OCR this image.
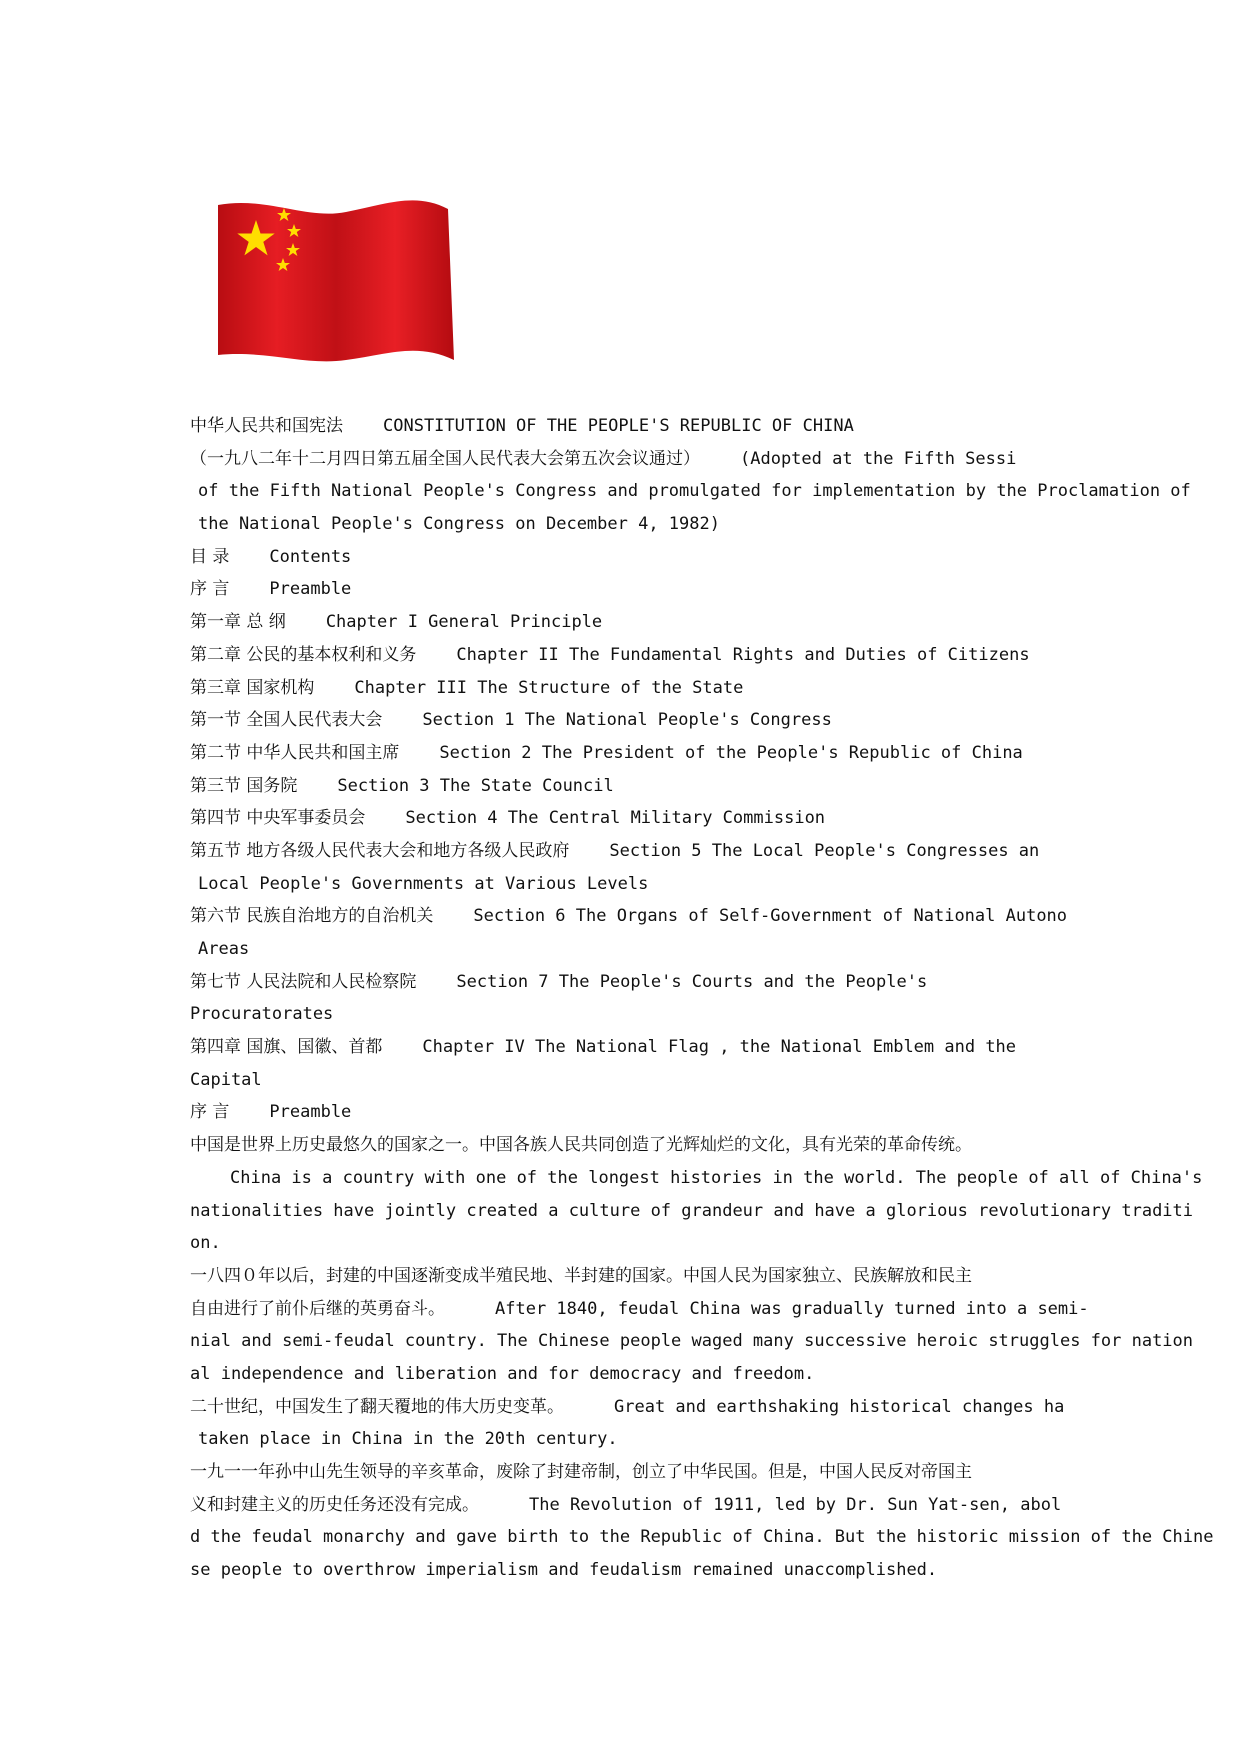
中华人民共和国宪法 CONSTITUTION OF THE PEOPLE'S REPUBLIC OF CHINA
（一九八二年十二月四日第五届全国人民代表大会第五次会议通过） (Adopted at the Fifth Sessi
of the Fifth National People's Congress and promulgated for implementation by the Proclamation of
the National People's Congress on December 4, 1982)
目 录 Contents
序 言 Preamble
第一章 总 纲 Chapter I General Principle
第二章 公民的基本权利和义务 Chapter II The Fundamental Rights and Duties of Citizens
第三章 国家机构 Chapter III The Structure of the State
第一节 全国人民代表大会 Section 1 The National People's Congress
第二节 中华人民共和国主席 Section 2 The President of the People's Republic of China
第三节 国务院 Section 3 The State Council
第四节 中央军事委员会 Section 4 The Central Military Commission
第五节 地方各级人民代表大会和地方各级人民政府 Section 5 The Local People's Congresses an
Local People's Governments at Various Levels
第六节 民族自治地方的自治机关 Section 6 The Organs of Self-Government of National Autono
Areas
第七节 人民法院和人民检察院 Section 7 The People's Courts and the People's
Procuratorates
第四章 国旗、国徽、首都 Chapter IV The National Flag , the National Emblem and the
Capital
序 言 Preamble
中国是世界上历史最悠久的国家之一。中国各族人民共同创造了光辉灿烂的文化，具有光荣的革命传统。
China is a country with one of the longest histories in the world. The people of all of China's
nationalities have jointly created a culture of grandeur and have a glorious revolutionary traditi
on.
一八四０年以后，封建的中国逐渐变成半殖民地、半封建的国家。中国人民为国家独立、民族解放和民主
自由进行了前仆后继的英勇奋斗。	After 1840, feudal China was gradually turned into a semi-
nial and semi-feudal country. The Chinese people waged many successive heroic struggles for nation
al independence and liberation and for democracy and freedom.
二十世纪，中国发生了翻天覆地的伟大历史变革。	Great and earthshaking historical changes ha
taken place in China in the 20th century.
一九一一年孙中山先生领导的辛亥革命，废除了封建帝制，创立了中华民国。但是，中国人民反对帝国主
义和封建主义的历史任务还没有完成。	The Revolution of 1911, led by Dr. Sun Yat-sen, abol
d the feudal monarchy and gave birth to the Republic of China. But the historic mission of the Chine
se people to overthrow imperialism and feudalism remained unaccomplished.
